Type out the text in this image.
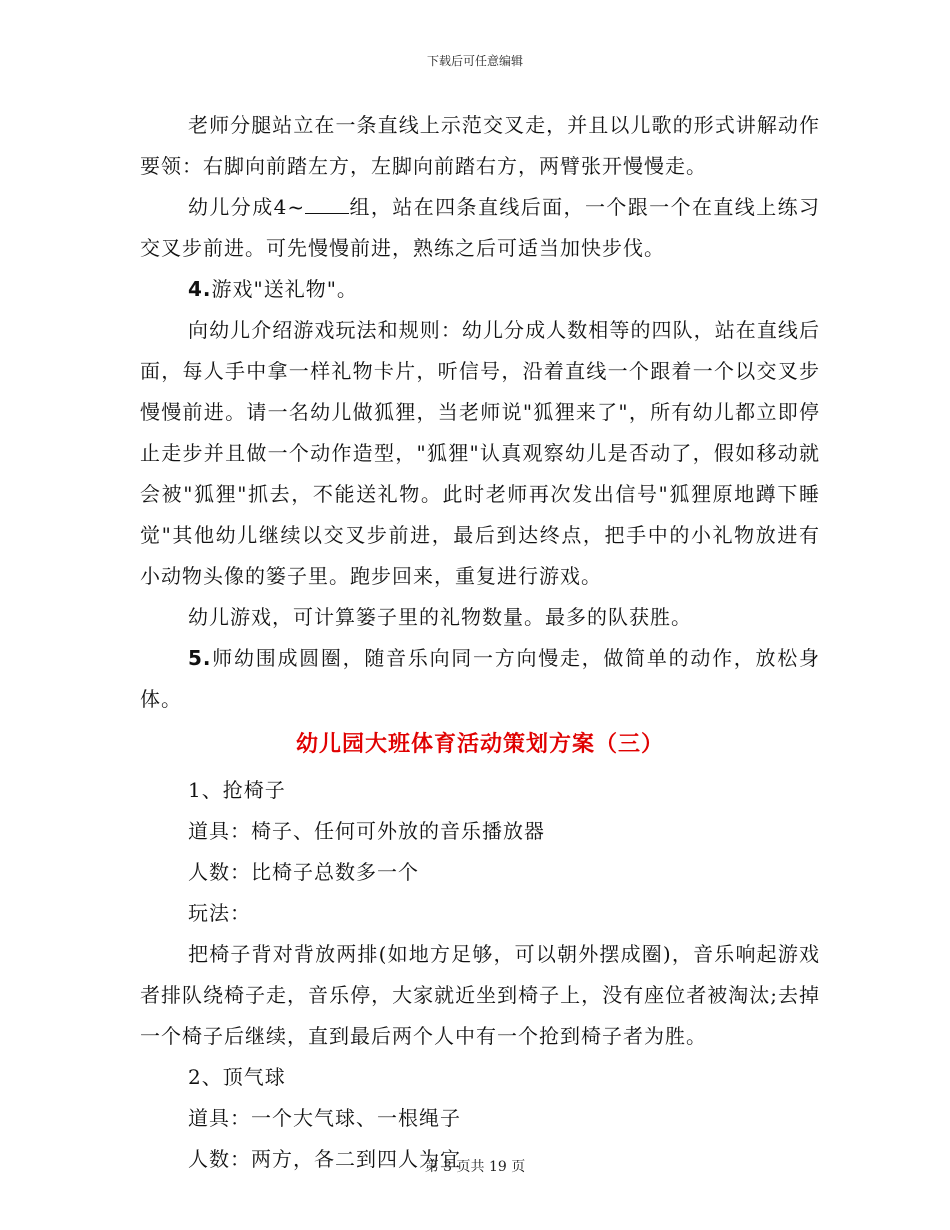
下载后可任意编辑

老师分腿站立在一条直线上示范交叉走，并且以儿歌的形式讲解动作要领：右脚向前踏左方，左脚向前踏右方，两臂张开慢慢走。

幼儿分成4~ 组，站在四条直线后面，一个跟一个在直线上练习交叉步前进。可先慢慢前进，熟练之后可适当加快步伐。

4.游戏"送礼物"。

向幼儿介绍游戏玩法和规则：幼儿分成人数相等的四队，站在直线后面，每人手中拿一样礼物卡片，听信号，沿着直线一个跟着一个以交叉步慢慢前进。请一名幼儿做狐狸，当老师说"狐狸来了"，所有幼儿都立即停止走步并且做一个动作造型，"狐狸"认真观察幼儿是否动了，假如移动就会被"狐狸"抓去，不能送礼物。此时老师再次发出信号"狐狸原地蹲下睡觉"其他幼儿继续以交叉步前进，最后到达终点，把手中的小礼物放进有小动物头像的篓子里。跑步回来，重复进行游戏。

幼儿游戏，可计算篓子里的礼物数量。最多的队获胜。

5.师幼围成圆圈，随音乐向同一方向慢走，做简单的动作，放松身体。

幼儿园大班体育活动策划方案（三）

1、抢椅子

道具：椅子、任何可外放的音乐播放器

人数：比椅子总数多一个

玩法：

把椅子背对背放两排(如地方足够，可以朝外摆成圈)，音乐响起游戏者排队绕椅子走，音乐停，大家就近坐到椅子上，没有座位者被淘汰;去掉一个椅子后继续，直到最后两个人中有一个抢到椅子者为胜。

2、顶气球

道具：一个大气球、一根绳子

人数：两方，各二到四人为宜

第 3 页共 19 页
